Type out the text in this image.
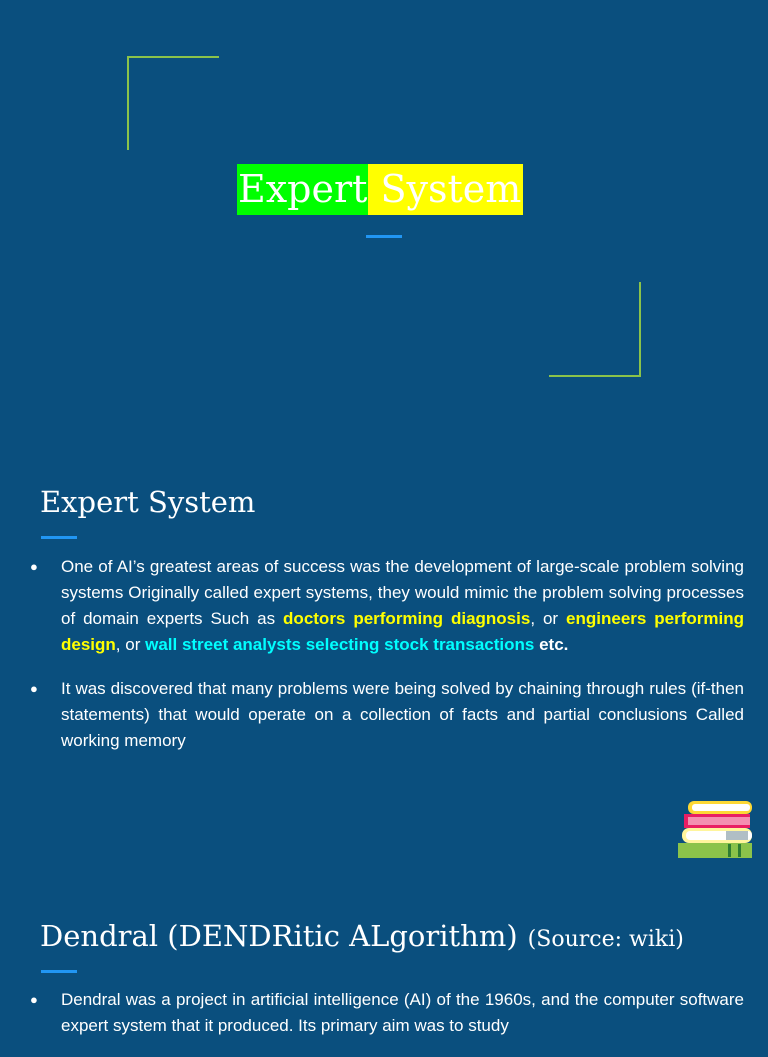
Expert System
Expert System
● One of AI’s greatest areas of success was the development of large-scale problem solving systems Originally called expert systems, they would mimic the problem solving processes of domain experts Such as doctors performing diagnosis, or engineers performing design, or wall street analysts selecting stock transactions etc.
● It was discovered that many problems were being solved by chaining through rules (if-then statements) that would operate on a collection of facts and partial conclusions Called working memory
Dendral (DENDRitic ALgorithm) (Source: wiki)
● Dendral was a project in artificial intelligence (AI) of the 1960s, and the computer software expert system that it produced. Its primary aim was to study
